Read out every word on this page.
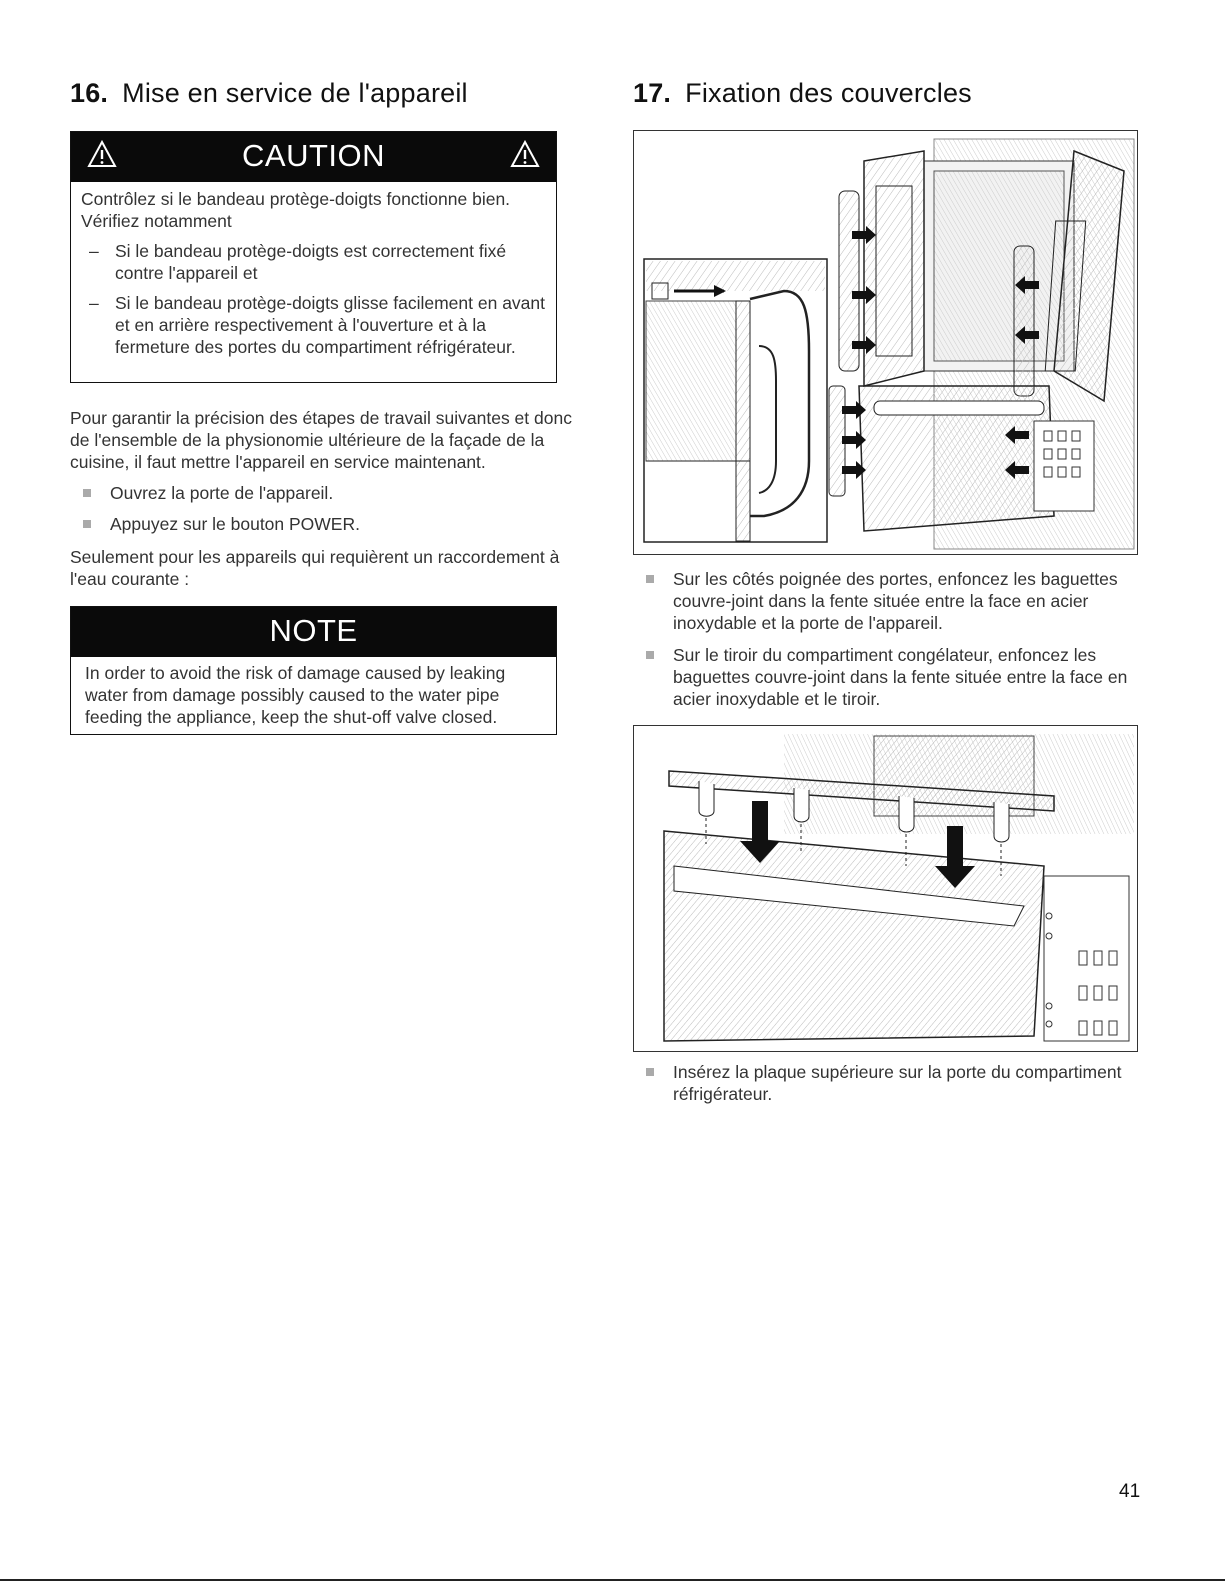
16. Mise en service de l'appareil
CAUTION
Contrôlez si le bandeau protège-doigts fonctionne bien. Vérifiez notamment
– Si le bandeau protège-doigts est correctement fixé contre l'appareil et
– Si le bandeau protège-doigts glisse facilement en avant et en arrière respectivement à l'ouverture et à la fermeture des portes du compartiment réfrigérateur.
Pour garantir la précision des étapes de travail suivantes et donc de l'ensemble de la physionomie ultérieure de la façade de la cuisine, il faut mettre l'appareil en service maintenant.
Ouvrez la porte de l'appareil.
Appuyez sur le bouton POWER.
Seulement pour les appareils qui requièrent un raccordement à l'eau courante :
NOTE
In order to avoid the risk of damage caused by leaking water from damage possibly caused to the water pipe feeding the appliance, keep the shut-off valve closed.
17. Fixation des couvercles
Sur les côtés poignée des portes, enfoncez les baguettes couvre-joint dans la fente située entre la face en acier inoxydable et la porte de l'appareil.
Sur le tiroir du compartiment congélateur, enfoncez les baguettes couvre-joint dans la fente située entre la face en acier inoxydable et le tiroir.
Insérez la plaque supérieure sur la porte du compartiment réfrigérateur.
41
